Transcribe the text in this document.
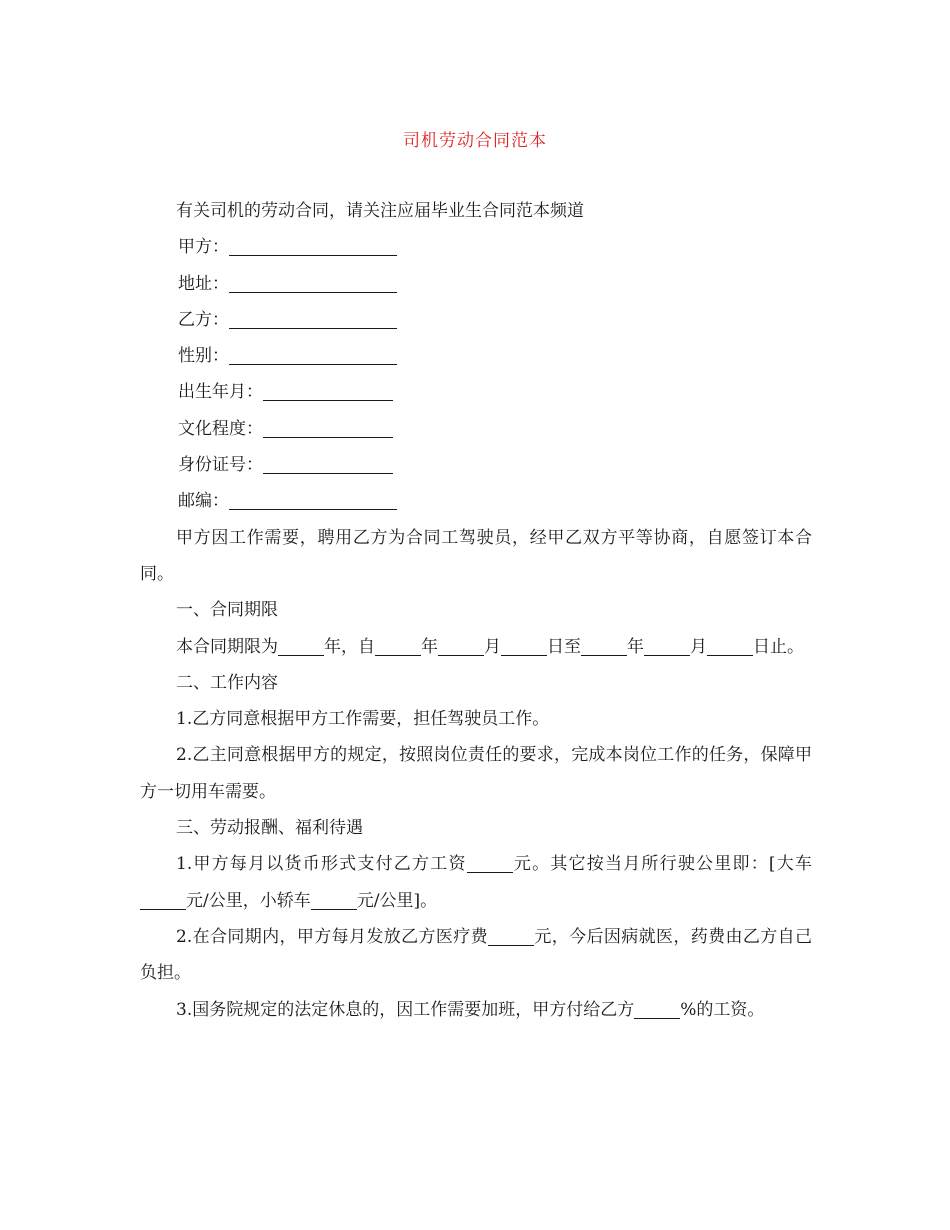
司机劳动合同范本

有关司机的劳动合同，请关注应届毕业生合同范本频道

甲方：
地址：
乙方：
性别：
出生年月：
文化程度：
身份证号：
邮编：

甲方因工作需要，聘用乙方为合同工驾驶员，经甲乙双方平等协商，自愿签订本合同。

一、合同期限

本合同期限为	年，自	年	月	日至	年	月	日止。

二、工作内容

1.乙方同意根据甲方工作需要，担任驾驶员工作。

2.乙主同意根据甲方的规定，按照岗位责任的要求，完成本岗位工作的任务，保障甲方一切用车需要。

三、劳动报酬、福利待遇

1.甲方每月以货币形式支付乙方工资	元。其它按当月所行驶公里即：[大车元/公里，小轿车	元/公里]。

2.在合同期内，甲方每月发放乙方医疗费	元，今后因病就医，药费由乙方自己负担。

3.国务院规定的法定休息的，因工作需要加班，甲方付给乙方	%的工资。
